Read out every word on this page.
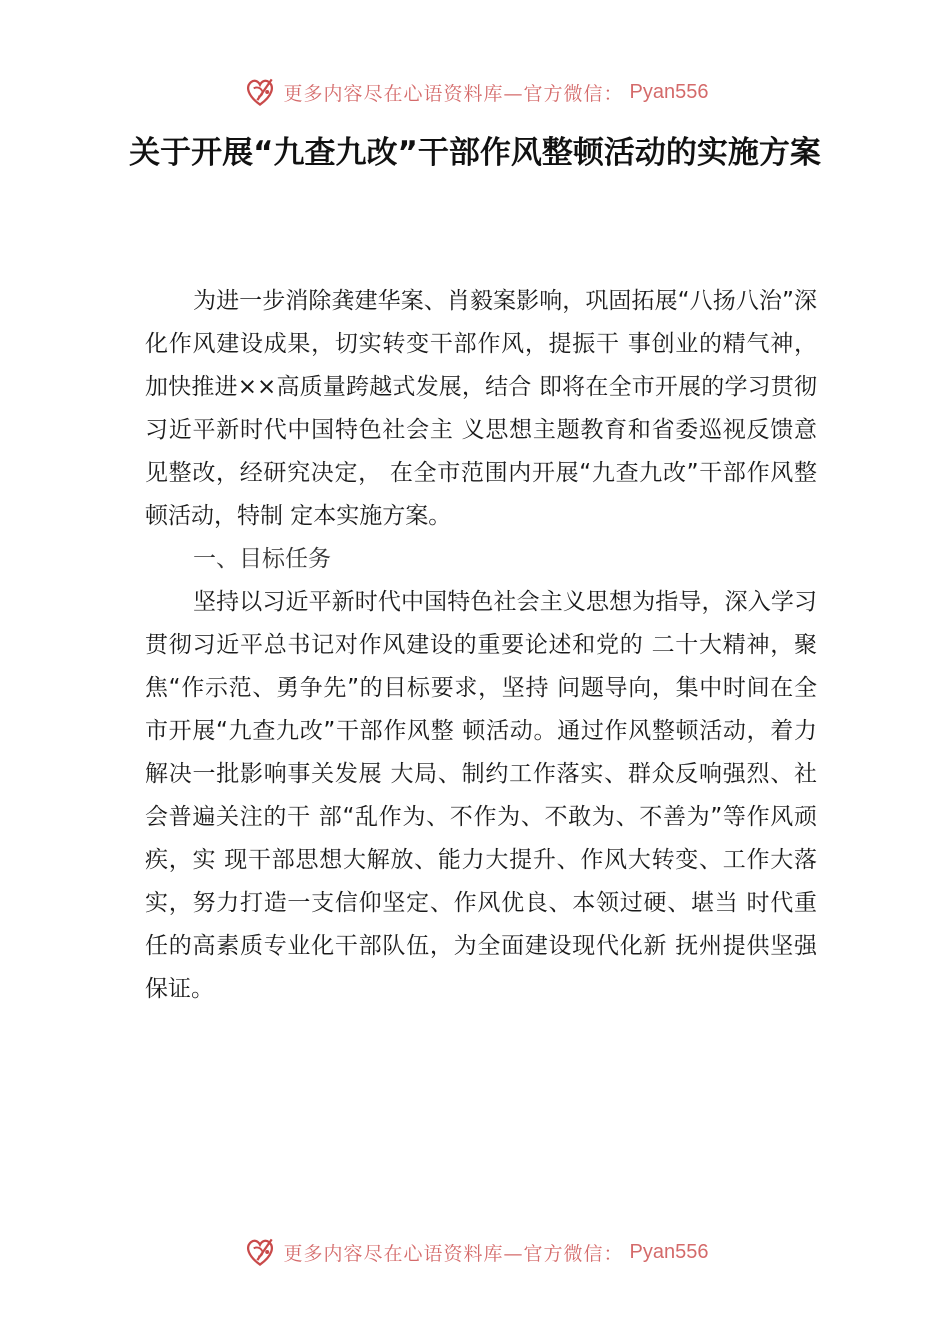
更多内容尽在心语资料库—官方微信： Pyan556
关于开展“九查九改”干部作风整顿活动的实施方案

为进一步消除龚建华案、肖毅案影响，巩固拓展“八扬八治”深化作风建设成果，切实转变干部作风，提振干 事创业的精气神，加快推进××高质量跨越式发展，结合 即将在全市开展的学习贯彻习近平新时代中国特色社会主 义思想主题教育和省委巡视反馈意见整改，经研究决定， 在全市范围内开展“九查九改”干部作风整顿活动，特制 定本实施方案。

一、目标任务

坚持以习近平新时代中国特色社会主义思想为指导，深入学习贯彻习近平总书记对作风建设的重要论述和党的 二十大精神，聚焦“作示范、勇争先”的目标要求，坚持 问题导向，集中时间在全市开展“九查九改”干部作风整 顿活动。通过作风整顿活动，着力解决一批影响事关发展 大局、制约工作落实、群众反响强烈、社会普遍关注的干 部“乱作为、不作为、不敢为、不善为”等作风顽疾，实 现干部思想大解放、能力大提升、作风大转变、工作大落 实，努力打造一支信仰坚定、作风优良、本领过硬、堪当 时代重任的高素质专业化干部队伍，为全面建设现代化新 抚州提供坚强保证。

更多内容尽在心语资料库—官方微信： Pyan556
